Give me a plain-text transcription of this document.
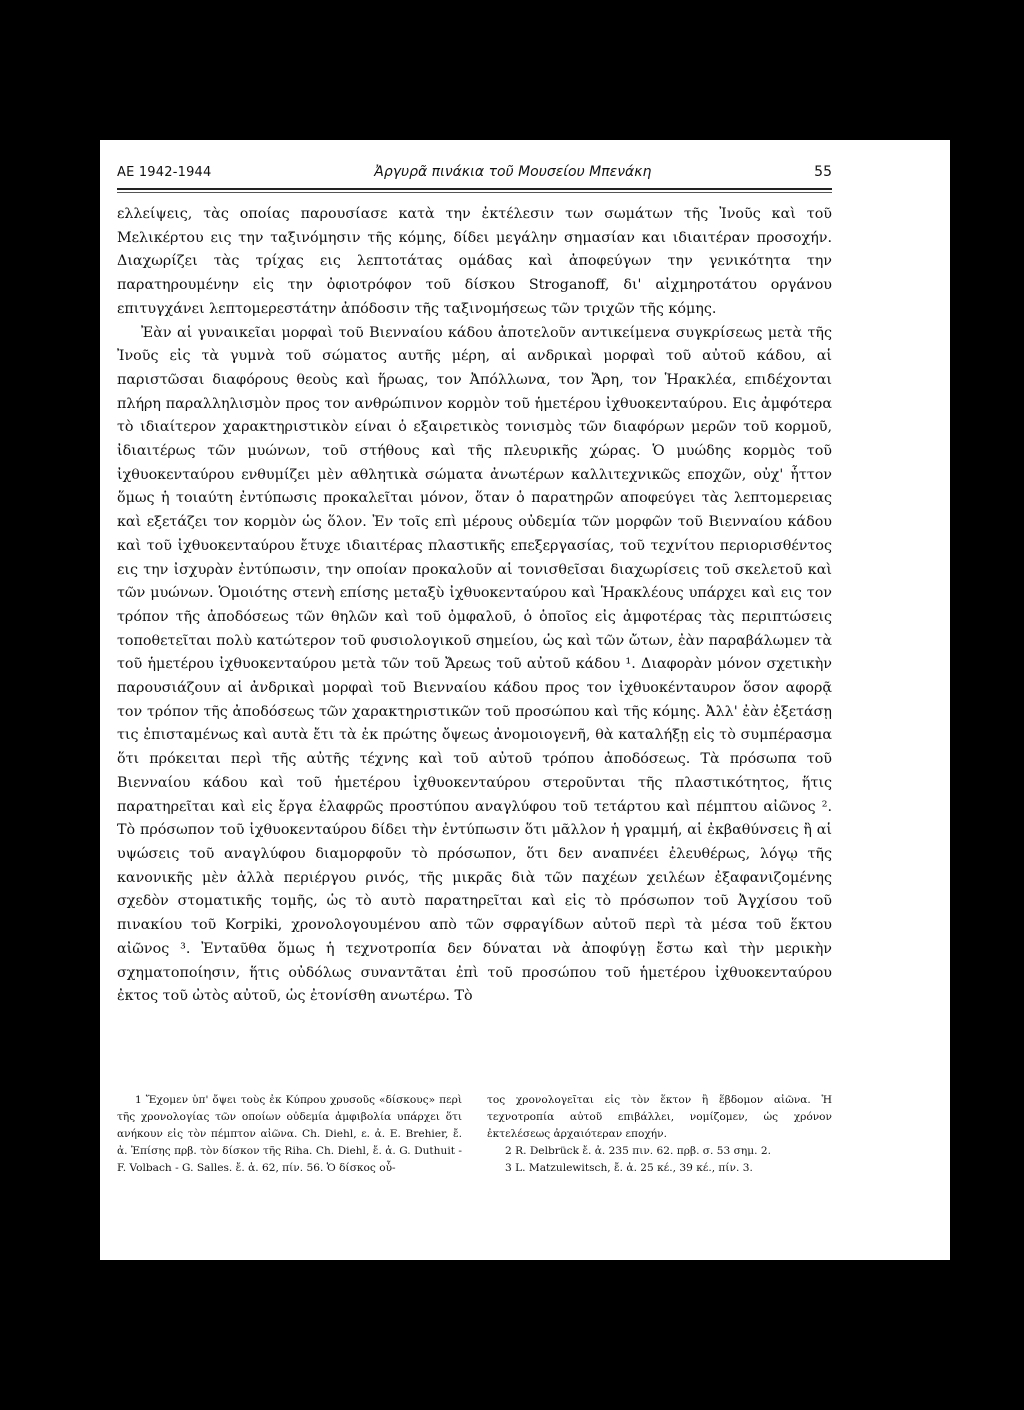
ΑΕ 1942-1944	Ἀργυρᾶ πινάκια τοῦ Μουσείου Μπενάκη	55

ελλείψεις, τὰς οποίας παρουσίασε κατὰ την ἐκτέλεσιν των σωμάτων τῆς Ἰνοῦς καὶ τοῦ Μελικέρτου εις την ταξινόμησιν τῆς κόμης, δίδει μεγάλην σημασίαν και ιδιαιτέραν προσοχήν. Διαχωρίζει τὰς τρίχας εις λεπτοτάτας ομάδας καὶ ἀποφεύγων την γενικότητα την παρατηρουμένην εἰς την ὀφιοτρόφον τοῦ δίσκου Stroganoff, δι' αἰχμηροτάτου οργάνου επιτυγχάνει λεπτομερεστάτην ἀπόδοσιν τῆς ταξινομήσεως τῶν τριχῶν τῆς κόμης.

Ἐὰν αἱ γυναικεῖαι μορφαὶ τοῦ Βιενναίου κάδου ἀποτελοῦν αντικείμενα συγκρίσεως μετὰ τῆς Ἰνοῦς εἰς τὰ γυμνὰ τοῦ σώματος αυτῆς μέρη, αἱ ανδρικαὶ μορφαὶ τοῦ αὐτοῦ κάδου, αἱ παριστῶσαι διαφόρους θεοὺς καὶ ἥρωας, τον Ἀπόλλωνα, τον Ἄρη, τον Ἡρακλέα, επιδέχονται πλήρη παραλληλισμὸν προς τον ανθρώπινον κορμὸν τοῦ ἡμετέρου ἰχθυοκενταύρου. Εις ἀμφότερα τὸ ιδιαίτερον χαρακτηριστικὸν είναι ὁ εξαιρετικὸς τονισμὸς τῶν διαφόρων μερῶν τοῦ κορμοῦ, ἰδιαιτέρως τῶν μυώνων, τοῦ στήθους καὶ τῆς πλευρικῆς χώρας. Ὁ μυώδης κορμὸς τοῦ ἰχθυοκενταύρου ενθυμίζει μὲν αθλητικὰ σώματα ἀνωτέρων καλλιτεχνικῶς εποχῶν, οὐχ' ἧττον ὅμως ἡ τοιαύτη ἐντύπωσις προκαλεῖται μόνον, ὅταν ὁ παρατηρῶν αποφεύγει τὰς λεπτομερειας καὶ εξετάζει τον κορμὸν ὡς ὅλον. Ἐν τοῖς επὶ μέρους οὐδεμία τῶν μορφῶν τοῦ Βιενναίου κάδου καὶ τοῦ ἰχθυοκενταύρου ἔτυχε ιδιαιτέρας πλαστικῆς επεξεργασίας, τοῦ τεχνίτου περιορισθέντος εις την ἰσχυρὰν ἐντύπωσιν, την οποίαν προκαλοῦν αἱ τονισθεῖσαι διαχωρίσεις τοῦ σκελετοῦ καὶ τῶν μυώνων. Ὁμοιότης στενὴ επίσης μεταξὺ ἰχθυοκενταύρου καὶ Ἡρακλέους υπάρχει καὶ εις τον τρόπον τῆς ἀποδόσεως τῶν θηλῶν καὶ τοῦ ὀμφαλοῦ, ὁ ὁποῖος εἰς ἀμφοτέρας τὰς περιπτώσεις τοποθετεῖται πολὺ κατώτερον τοῦ φυσιολογικοῦ σημείου, ὡς καὶ τῶν ὤτων, ἐὰν παραβάλωμεν τὰ τοῦ ἡμετέρου ἰχθυοκενταύρου μετὰ τῶν τοῦ Ἄρεως τοῦ αὐτοῦ κάδου ¹. Διαφορὰν μόνον σχετικὴν παρουσιάζουν αἱ ἀνδρικαὶ μορφαὶ τοῦ Βιενναίου κάδου προς τον ἰχθυοκένταυρον ὅσον αφορᾷ τον τρόπον τῆς ἀποδόσεως τῶν χαρακτηριστικῶν τοῦ προσώπου καὶ τῆς κόμης. Ἀλλ' ἐὰν ἐξετάσῃ τις ἐπισταμένως καὶ αυτὰ ἔτι τὰ ἐκ πρώτης ὄψεως ἀνομοιογενῆ, θὰ καταλήξῃ εἰς τὸ συμπέρασμα ὅτι πρόκειται περὶ τῆς αὐτῆς τέχνης καὶ τοῦ αὐτοῦ τρόπου ἀποδόσεως. Τὰ πρόσωπα τοῦ Βιενναίου κάδου καὶ τοῦ ἡμετέρου ἰχθυοκενταύρου στεροῦνται τῆς πλαστικότητος, ἥτις παρατηρεῖται καὶ εἰς ἔργα ἐλαφρῶς προστύπου αναγλύφου τοῦ τετάρτου καὶ πέμπτου αἰῶνος ². Τὸ πρόσωπον τοῦ ἰχθυοκενταύρου δίδει τὴν ἐντύπωσιν ὅτι μᾶλλον ἡ γραμμή, αἱ ἐκβαθύνσεις ἢ αἱ υψώσεις τοῦ αναγλύφου διαμορφοῦν τὸ πρόσωπον, ὅτι δεν αναπνέει ἐλευθέρως, λόγῳ τῆς κανονικῆς μὲν ἀλλὰ περιέργου ρινός, τῆς μικρᾶς διὰ τῶν παχέων χειλέων ἐξαφανιζομένης σχεδὸν στοματικῆς τομῆς, ὡς τὸ αυτὸ παρατηρεῖται καὶ εἰς τὸ πρόσωπον τοῦ Ἀγχίσου τοῦ πινακίου τοῦ Korpiki, χρονολογουμένου απὸ τῶν σφραγίδων αὐτοῦ περὶ τὰ μέσα τοῦ ἕκτου αἰῶνος ³. Ἐνταῦθα ὅμως ἡ τεχνοτροπία δεν δύναται νὰ ἀποφύγῃ ἔστω καὶ τὴν μερικὴν σχηματοποίησιν, ἥτις οὐδόλως συναντᾶται ἐπὶ τοῦ προσώπου τοῦ ἡμετέρου ἰχθυοκενταύρου ἐκτος τοῦ ὠτὸς αὐτοῦ, ὡς ἐτονίσθη ανωτέρω. Τὸ

1 Ἔχομεν ὑπ' ὄψει τοὺς ἐκ Κύπρου χρυσοῦς «δίσκους» περὶ τῆς χρονολογίας τῶν οποίων οὐδεμία ἀμφιβολία υπάρχει ὅτι ανήκουν εἰς τὸν πέμπτον αἰῶνα. Ch. Diehl, ε. ἀ. E. Brehier, ἔ. ἀ. Ἐπίσης πρβ. τὸν δίσκον τῆς Riha. Ch. Diehl, ἔ. ἀ. G. Duthuit - F. Volbach - G. Salles. ἔ. ἀ. 62, πίν. 56. Ὁ δίσκος οὗ-

τος χρονολογεῖται εἰς τὸν ἕκτον ἢ ἕβδομον αἰῶνα. Ἡ τεχνοτροπία αὐτοῦ επιβάλλει, νομίζομεν, ὡς χρόνον ἐκτελέσεως ἀρχαιότεραν εποχήν.

2 R. Delbrück ἔ. ἀ. 235 πιν. 62. πρβ. σ. 53 σημ. 2.

3 L. Matzulewitsch, ἔ. ἀ. 25 κέ., 39 κέ., πίν. 3.
